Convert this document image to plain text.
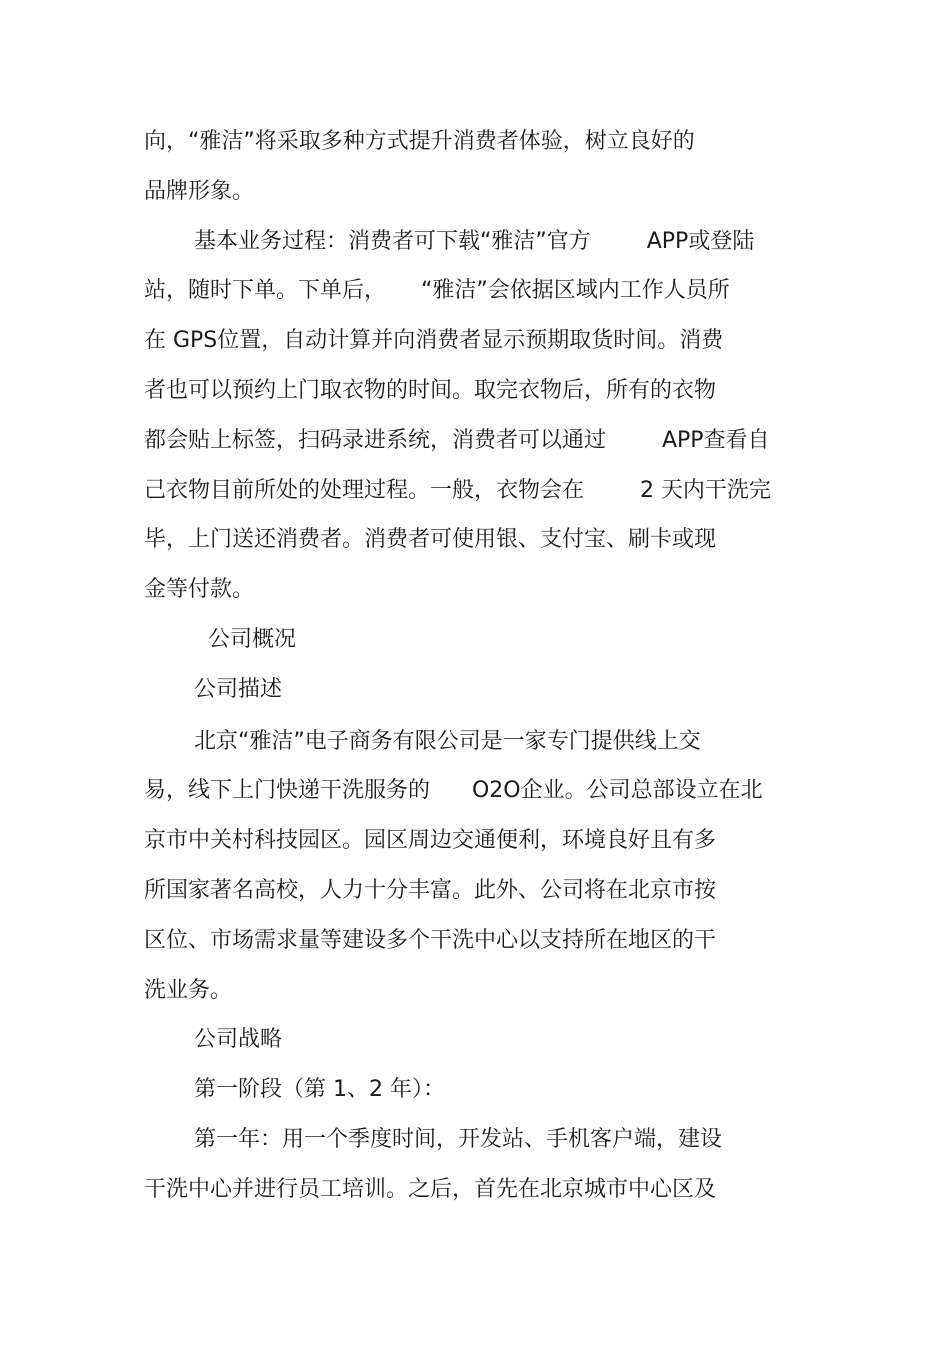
向，“雅洁”将采取多种方式提升消费者体验，树立良好的
品牌形象。
基本业务过程：消费者可下载“雅洁”官方        APP或登陆
站，随时下单。下单后，     “雅洁”会依据区域内工作人员所
在 GPS位置，自动计算并向消费者显示预期取货时间。消费
者也可以预约上门取衣物的时间。取完衣物后，所有的衣物
都会贴上标签，扫码录进系统，消费者可以通过        APP查看自
己衣物目前所处的处理过程。一般，衣物会在        2 天内干洗完
毕，上门送还消费者。消费者可使用银、支付宝、刷卡或现
金等付款。
公司概况
公司描述
北京“雅洁”电子商务有限公司是一家专门提供线上交
易，线下上门快递干洗服务的      O2O企业。公司总部设立在北
京市中关村科技园区。园区周边交通便利，环境良好且有多
所国家著名高校，人力十分丰富。此外、公司将在北京市按
区位、市场需求量等建设多个干洗中心以支持所在地区的干
洗业务。
公司战略
第一阶段（第 1、2 年）：
第一年：用一个季度时间，开发站、手机客户端，建设
干洗中心并进行员工培训。之后，首先在北京城市中心区及
